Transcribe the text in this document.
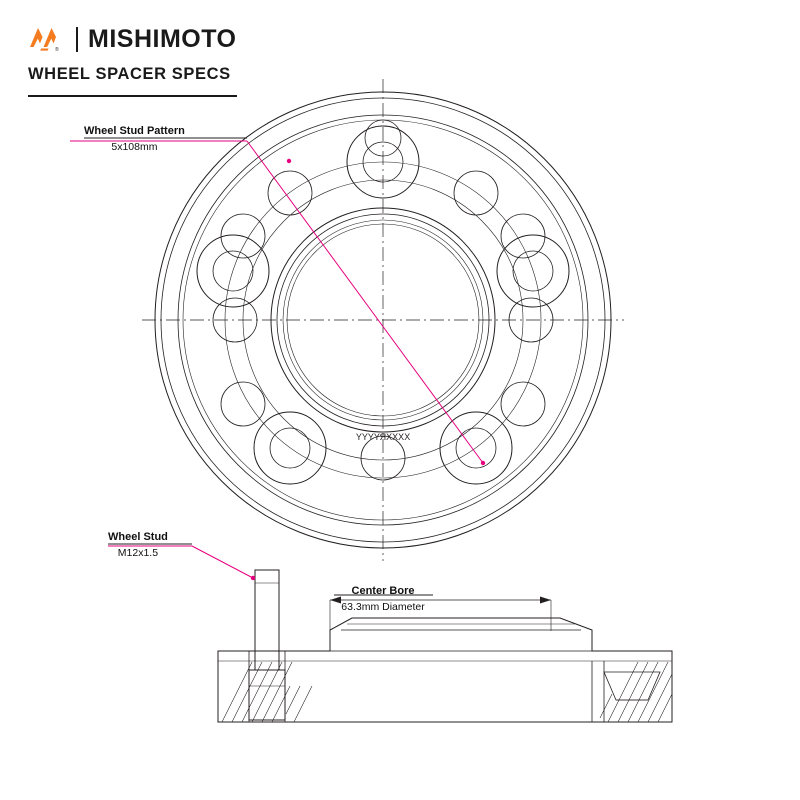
® MISHIMOTO
WHEEL SPACER SPECS
XXXXRYYYY
Wheel Stud Pattern
5x108mm
Wheel Stud
M12x1.5
Center Bore
63.3mm Diameter
